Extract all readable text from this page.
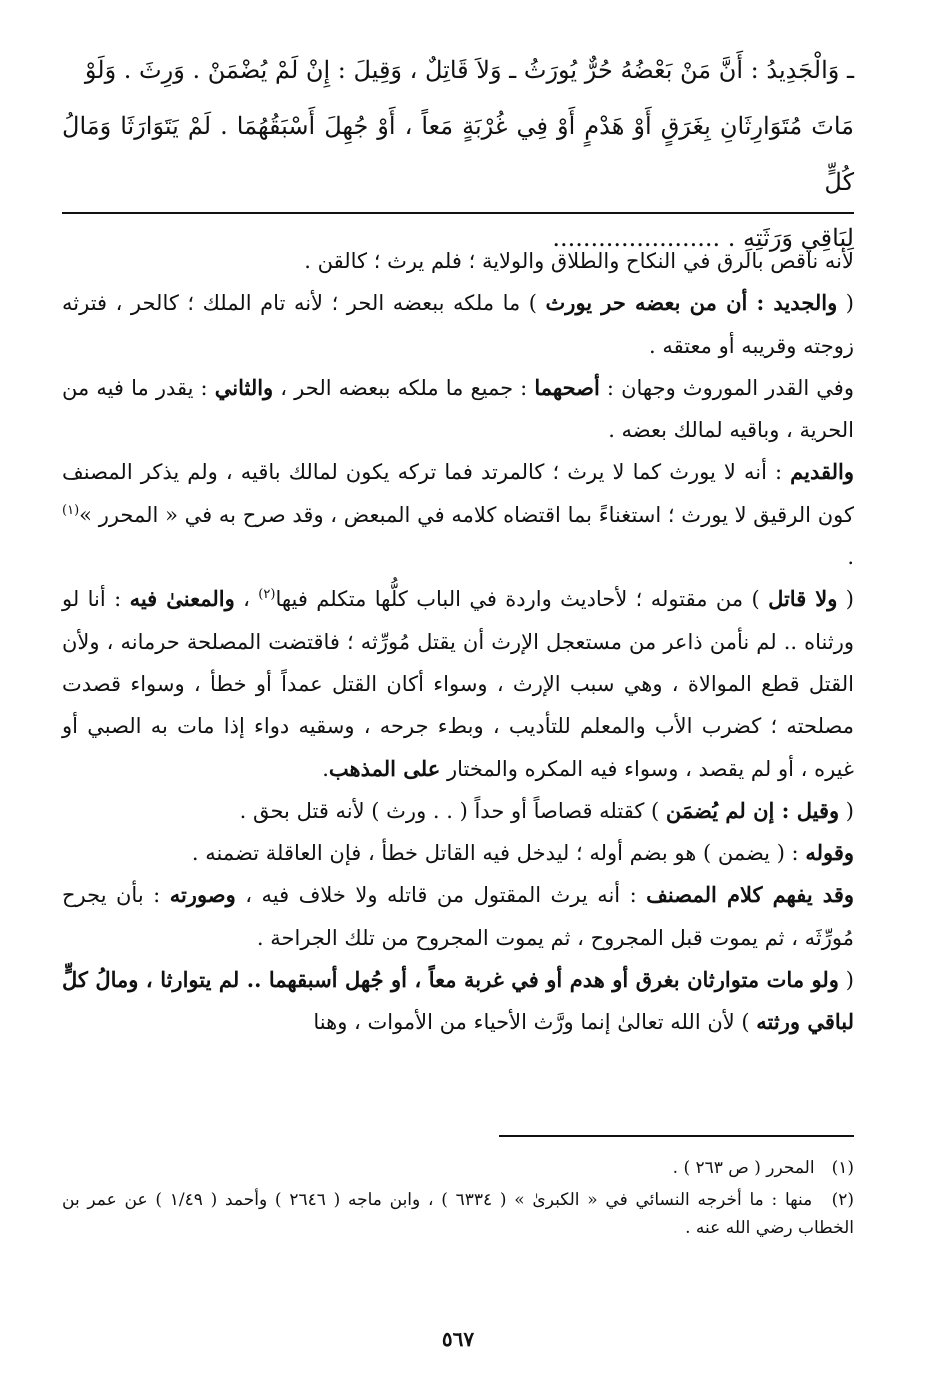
ـ وَالْجَدِيدُ : أَنَّ مَنْ بَعْضُهُ حُرٌّ يُورَثُ ـ وَلاَ قَاتِلٌ ، وَقِيلَ : إِنْ لَمْ يُضْمَنْ . وَرِثَ . وَلَوْ
مَاتَ مُتَوَارِثَانِ بِغَرَقٍ أَوْ هَدْمٍ أَوْ فِي غُرْبَةٍ مَعاً ، أَوْ جُهِلَ أَسْبَقُهُمَا . لَمْ يَتَوَارَثَا وَمَالُ كُلٍّ
لِبَاقِي وَرَثَتِهِ . ......................

لأنه ناقص بالرق في النكاح والطلاق والولاية ؛ فلم يرث ؛ كالقن .

( والجديد : أن من بعضه حر يورث ) ما ملكه ببعضه الحر ؛ لأنه تام الملك ؛ كالحر ، فترثه زوجته وقريبه أو معتقه .

وفي القدر الموروث وجهان : أصحهما : جميع ما ملكه ببعضه الحر ، والثاني : يقدر ما فيه من الحرية ، وباقيه لمالك بعضه .

والقديم : أنه لا يورث كما لا يرث ؛ كالمرتد فما تركه يكون لمالك باقيه ، ولم يذكر المصنف كون الرقيق لا يورث ؛ استغناءً بما اقتضاه كلامه في المبعض ، وقد صرح به في « المحرر »$^{(١)}$ .

( ولا قاتل ) من مقتوله ؛ لأحاديث واردة في الباب كلُّها متكلم فيها$^{(٢)}$ ، والمعنىٰ فيه : أنا لو ورثناه .. لم نأمن ذاعر من مستعجل الإرث أن يقتل مُورِّثه ؛ فاقتضت المصلحة حرمانه ، ولأن القتل قطع الموالاة ، وهي سبب الإرث ، وسواء أكان القتل عمداً أو خطأ ، وسواء قصدت مصلحته ؛ كضرب الأب والمعلم للتأديب ، وبطء جرحه ، وسقيه دواء إذا مات به الصبي أو غيره ، أو لم يقصد ، وسواء فيه المكره والمختار على المذهب.

( وقيل : إن لم يُضمَن ) كقتله قصاصاً أو حداً ( . . ورث ) لأنه قتل بحق .

وقوله : ( يضمن ) هو بضم أوله ؛ ليدخل فيه القاتل خطأ ، فإن العاقلة تضمنه .

وقد يفهم كلام المصنف : أنه يرث المقتول من قاتله ولا خلاف فيه ، وصورته : بأن يجرح مُورِّثَه ، ثم يموت قبل المجروح ، ثم يموت المجروح من تلك الجراحة .

( ولو مات متوارثان بغرق أو هدم أو في غربة معاً ، أو جُهل أسبقهما .. لم يتوارثا ، ومالُ كلٍّ لباقي ورثته ) لأن الله تعالىٰ إنما ورَّث الأحياء من الأموات ، وهنا

(١) المحرر ( ص ٢٦٣ ) .

(٢) منها : ما أخرجه النسائي في « الكبرىٰ » ( ٦٣٣٤ ) ، وابن ماجه ( ٢٦٤٦ ) وأحمد ( ١/٤٩ ) عن عمر بن الخطاب رضي الله عنه .

٥٦٧
